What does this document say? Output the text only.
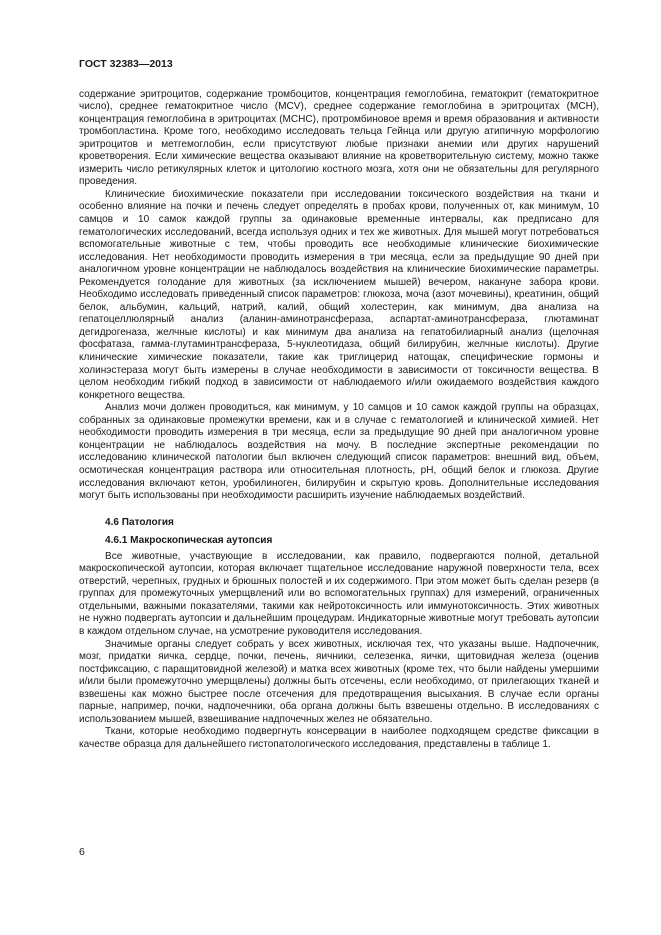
ГОСТ 32383—2013

содержание эритроцитов, содержание тромбоцитов, концентрация гемоглобина, гематокрит (гематокритное число), среднее гематокритное число (MCV), среднее содержание гемоглобина в эритроцитах (МСН), концентрация гемоглобина в эритроцитах (МСНС), протромбиновое время и время образования и активности тромбопластина. Кроме того, необходимо исследовать тельца Гейнца или другую атипичную морфологию эритроцитов и метгемоглобин, если присутствуют любые признаки анемии или других нарушений кроветворения. Если химические вещества оказывают влияние на кроветворительную систему, можно также измерить число ретикулярных клеток и цитологию костного мозга, хотя они не обязательны для регулярного проведения.

Клинические биохимические показатели при исследовании токсического воздействия на ткани и особенно влияние на почки и печень следует определять в пробах крови, полученных от, как минимум, 10 самцов и 10 самок каждой группы за одинаковые временные интервалы, как предписано для гематологических исследований, всегда используя одних и тех же животных. Для мышей могут потребоваться вспомогательные животные с тем, чтобы проводить все необходимые клинические биохимические исследования. Нет необходимости проводить измерения в три месяца, если за предыдущие 90 дней при аналогичном уровне концентрации не наблюдалось воздействия на клинические биохимические параметры. Рекомендуется голодание для животных (за исключением мышей) вечером, накануне забора крови. Необходимо исследовать приведенный список параметров: глюкоза, моча (азот мочевины), креатинин, общий белок, альбумин, кальций, натрий, калий, общий холестерин, как минимум, два анализа на гепатоцеллюлярный анализ (аланин-аминотрансфераза, аспартат-аминотрансфераза, глютаминат дегидрогеназа, желчные кислоты) и как минимум два анализа на гепатобилиарный анализ (щелочная фосфатаза, гамма-глутаминтрансфераза, 5-нуклеотидаза, общий билирубин, желчные кислоты). Другие клинические химические показатели, такие как триглицерид натощак, специфические гормоны и холинэстераза могут быть измерены в случае необходимости в зависимости от токсичности вещества. В целом необходим гибкий подход в зависимости от наблюдаемого и/или ожидаемого воздействия каждого конкретного вещества.

Анализ мочи должен проводиться, как минимум, у 10 самцов и 10 самок каждой группы на образцах, собранных за одинаковые промежутки времени, как и в случае с гематологией и клинической химией. Нет необходимости проводить измерения в три месяца, если за предыдущие 90 дней при аналогичном уровне концентрации не наблюдалось воздействия на мочу. В последние экспертные рекомендации по исследованию клинической патологии был включен следующий список параметров: внешний вид, объем, осмотическая концентрация раствора или относительная плотность, pH, общий белок и глюкоза. Другие исследования включают кетон, уробилиноген, билирубин и скрытую кровь. Дополнительные исследования могут быть использованы при необходимости расширить изучение наблюдаемых воздействий.

4.6 Патология
4.6.1 Макроскопическая аутопсия

Все животные, участвующие в исследовании, как правило, подвергаются полной, детальной макроскопической аутопсии, которая включает тщательное исследование наружной поверхности тела, всех отверстий, черепных, грудных и брюшных полостей и их содержимого. При этом может быть сделан резерв (в группах для промежуточных умерщвлений или во вспомогательных группах) для измерений, ограниченных отдельными, важными показателями, такими как нейротоксичность или иммунотоксичность. Этих животных не нужно подвергать аутопсии и дальнейшим процедурам. Индикаторные животные могут требовать аутопсии в каждом отдельном случае, на усмотрение руководителя исследования.

Значимые органы следует собрать у всех животных, исключая тех, что указаны выше. Надпочечник, мозг, придатки яичка, сердце, почки, печень, яичники, селезенка, яички, щитовидная железа (оценив постфиксацию, с паращитовидной железой) и матка всех животных (кроме тех, что были найдены умершими и/или были промежуточно умерщвлены) должны быть отсечены, если необходимо, от прилегающих тканей и взвешены как можно быстрее после отсечения для предотвращения высыхания. В случае если органы парные, например, почки, надпочечники, оба органа должны быть взвешены отдельно. В исследованиях с использованием мышей, взвешивание надпочечных желез не обязательно.

Ткани, которые необходимо подвергнуть консервации в наиболее подходящем средстве фиксации в качестве образца для дальнейшего гистопатологического исследования, представлены в таблице 1.

6
